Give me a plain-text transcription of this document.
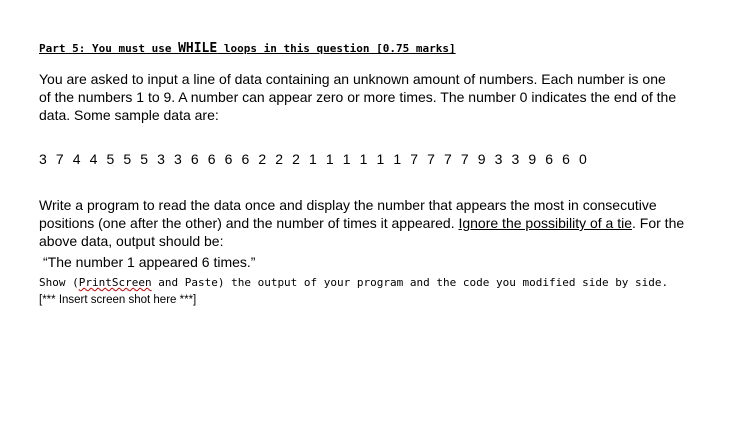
Part 5: You must use WHILE loops in this question [0.75 marks]
You are asked to input a line of data containing an unknown amount of numbers. Each number is one of the numbers 1 to 9. A number can appear zero or more times. The number 0 indicates the end of the data. Some sample data are:
3 7 4 4 5 5 5 3 3 6 6 6 6 2 2 2 1 1 1 1 1 1 7 7 7 7 9 3 3 9 6 6 0
Write a program to read the data once and display the number that appears the most in consecutive positions (one after the other) and the number of times it appeared. Ignore the possibility of a tie. For the above data, output should be:
“The number 1 appeared 6 times.”
Show (PrintScreen and Paste) the output of your program and the code you modified side by side. [*** Insert screen shot here ***]
